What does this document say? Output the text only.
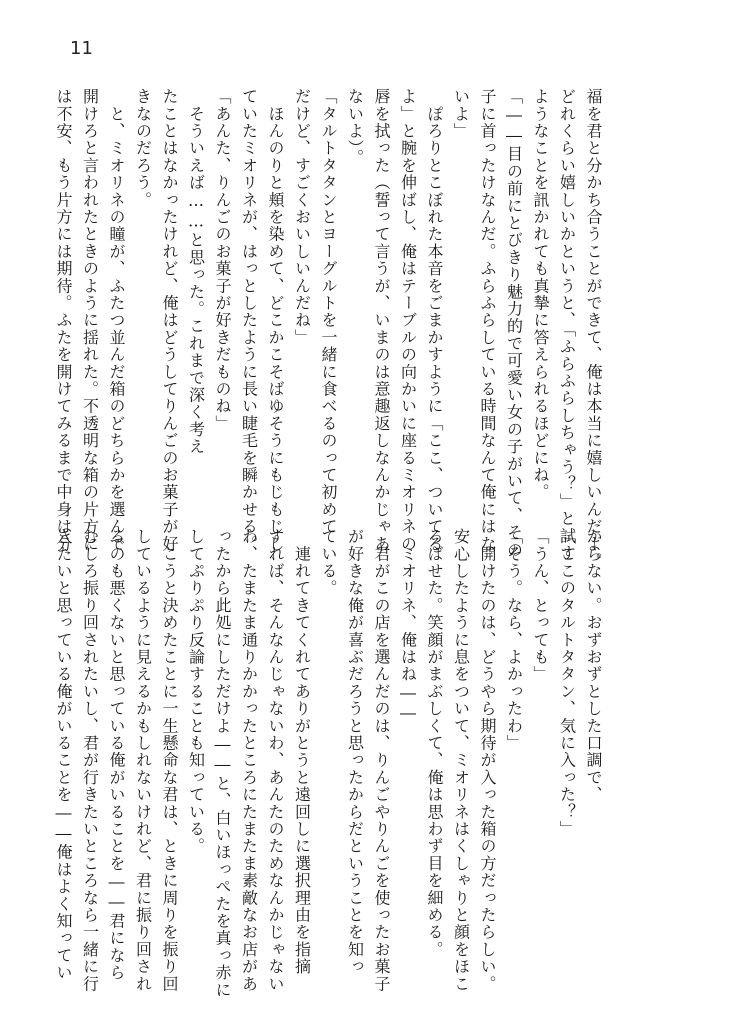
11
福を君と分かち合うことができて、俺は本当に嬉しいんだよ。
どれくらい嬉しいかというと、「ふらふらしちゃう？」と試す
ようなことを訊かれても真摯に答えられるほどにね。
「――目の前にとびきり魅力的で可愛い女の子がいて、その
子に首ったけなんだ。ふらふらしている時間なんて俺にはな
いよ」
　ぽろりとこぼれた本音をごまかすように「ここ、ついてる
よ」と腕を伸ばし、俺はテーブルの向かいに座るミオリネの
唇を拭った（誓って言うが、いまのは意趣返しなんかじゃあ
ないよ）。
「タルトタタンとヨーグルトを一緒に食べるのって初めて
だけど、すごくおいしいんだね」
　ほんのりと頬を染めて、どこかこそばゆそうにもじもじし
ていたミオリネが、はっとしたように長い睫毛を瞬かせる。
「あんた、りんごのお菓子が好きだものね」
　そういえば……と思った。これまで深く考え
たことはなかったけれど、俺はどうしてりんごのお菓子が好
きなのだろう。
　と、ミオリネの瞳が、ふたつ並んだ箱のどちらかを選んで
開けろと言われたときのように揺れた。不透明な箱の片方に
は不安、もう片方には期待。ふたを開けてみるまで中身は分
からない。おずおずとした口調で、
「ここのタルトタタン、気に入った？」
「うん、とっても」
「そう。なら、よかったわ」
　開けたのは、どうやら期待が入った箱の方だったらしい。
安心したように息をついて、ミオリネはくしゃりと顔をほこ
ろばせた。笑顔がまぶしくて、俺は思わず目を細める。
　ミオリネ、俺はね――
　君がこの店を選んだのは、りんごやりんごを使ったお菓子
が好きな俺が喜ぶだろうと思ったからだということを知っ
ている。
　連れてきてくれてありがとうと遠回しに選択理由を指摘
すれば、そんなんじゃないわ、あんたのためなんかじゃない
わ、たまたま通りかかったところにたまたま素敵なお店があ
ったから此処にしただけよ――と、白いほっぺたを真っ赤に
してぷりぷり反論することも知っている。
　こうと決めたことに一生懸命な君は、ときに周りを振り回
しているように見えるかもしれないけれど、君に振り回され
るのも悪くないと思っている俺がいることを――君になら
むしろ振り回されたいし、君が行きたいところなら一緒に行
きたいと思っている俺がいることを――俺はよく知ってい
